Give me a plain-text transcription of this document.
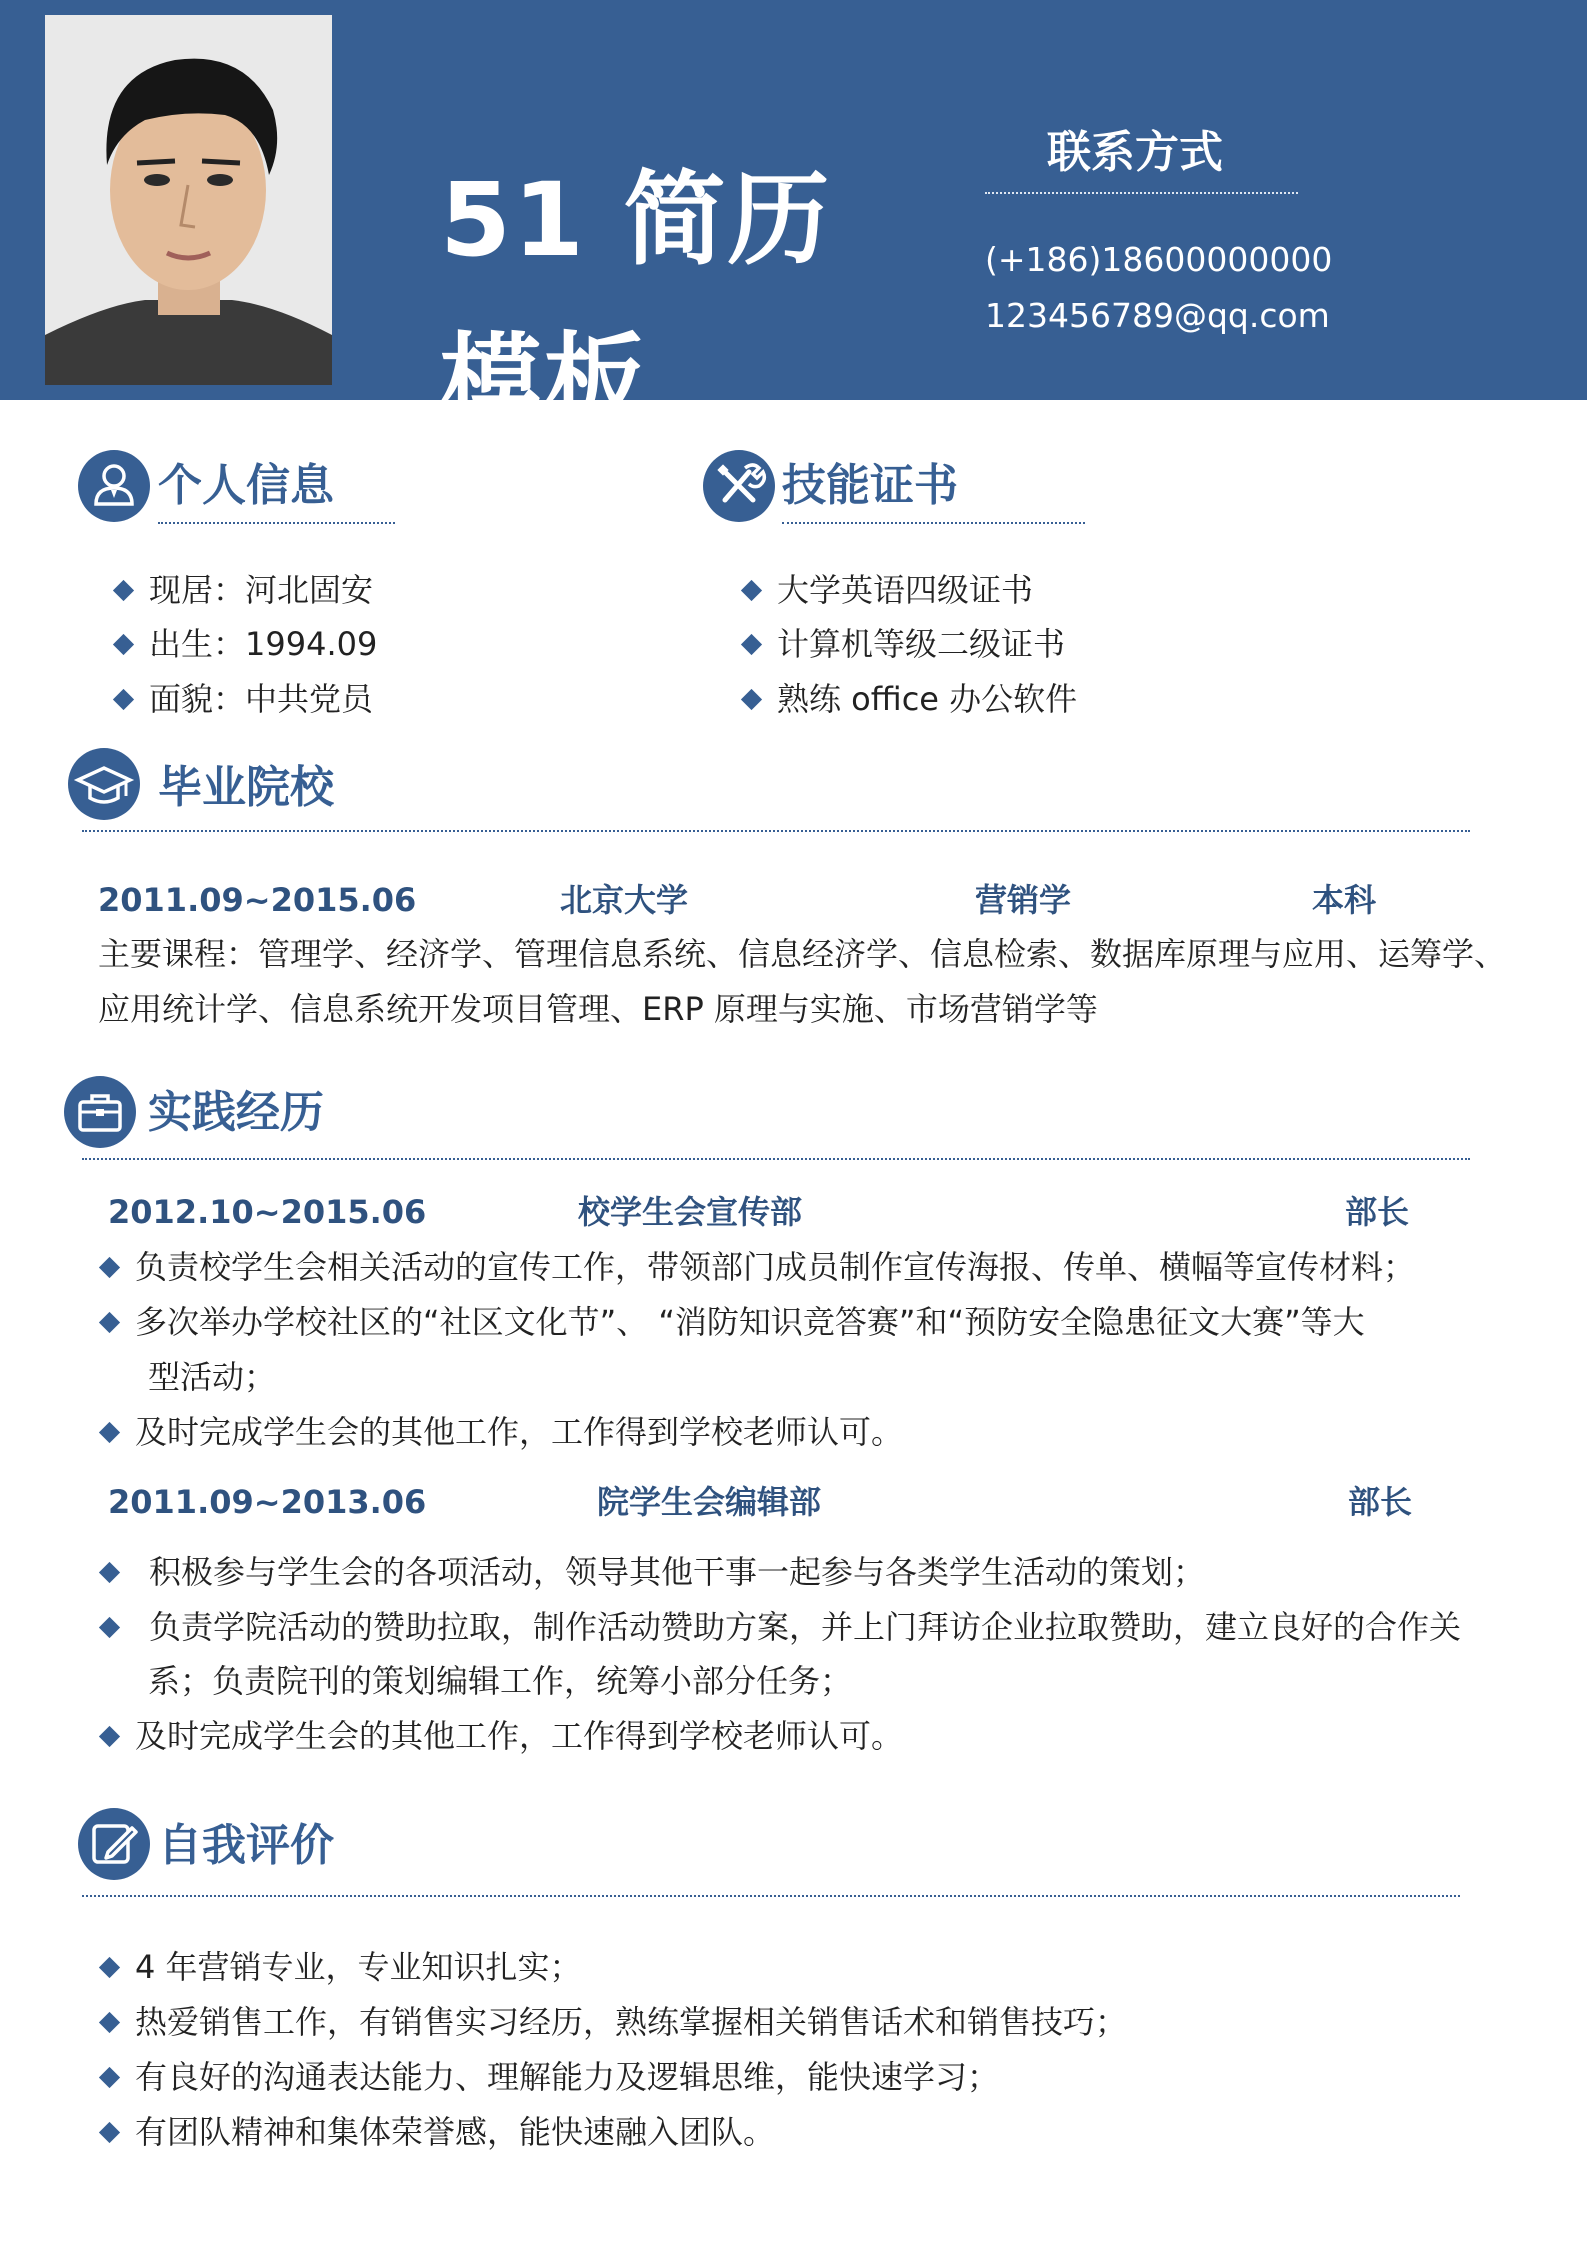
51 简历模板
联系方式
(+186)18600000000
123456789@qq.com
个人信息
现居：河北固安
出生：1994.09
面貌：中共党员
技能证书
大学英语四级证书
计算机等级二级证书
熟练 office 办公软件
毕业院校
2011.09~2015.06	北京大学	营销学	本科
主要课程：管理学、经济学、管理信息系统、信息经济学、信息检索、数据库原理与应用、运筹学、
应用统计学、信息系统开发项目管理、ERP 原理与实施、市场营销学等
实践经历
2012.10~2015.06	校学生会宣传部	部长
负责校学生会相关活动的宣传工作，带领部门成员制作宣传海报、传单、横幅等宣传材料；
多次举办学校社区的“社区文化节”、 “消防知识竞答赛”和“预防安全隐患征文大赛”等大
型活动；
及时完成学生会的其他工作，工作得到学校老师认可。
2011.09~2013.06	院学生会编辑部	部长
积极参与学生会的各项活动，领导其他干事一起参与各类学生活动的策划；
负责学院活动的赞助拉取，制作活动赞助方案，并上门拜访企业拉取赞助，建立良好的合作关
系；负责院刊的策划编辑工作，统筹小部分任务；
及时完成学生会的其他工作，工作得到学校老师认可。
自我评价
4 年营销专业，专业知识扎实；
热爱销售工作，有销售实习经历，熟练掌握相关销售话术和销售技巧；
有良好的沟通表达能力、理解能力及逻辑思维，能快速学习；
有团队精神和集体荣誉感，能快速融入团队。
